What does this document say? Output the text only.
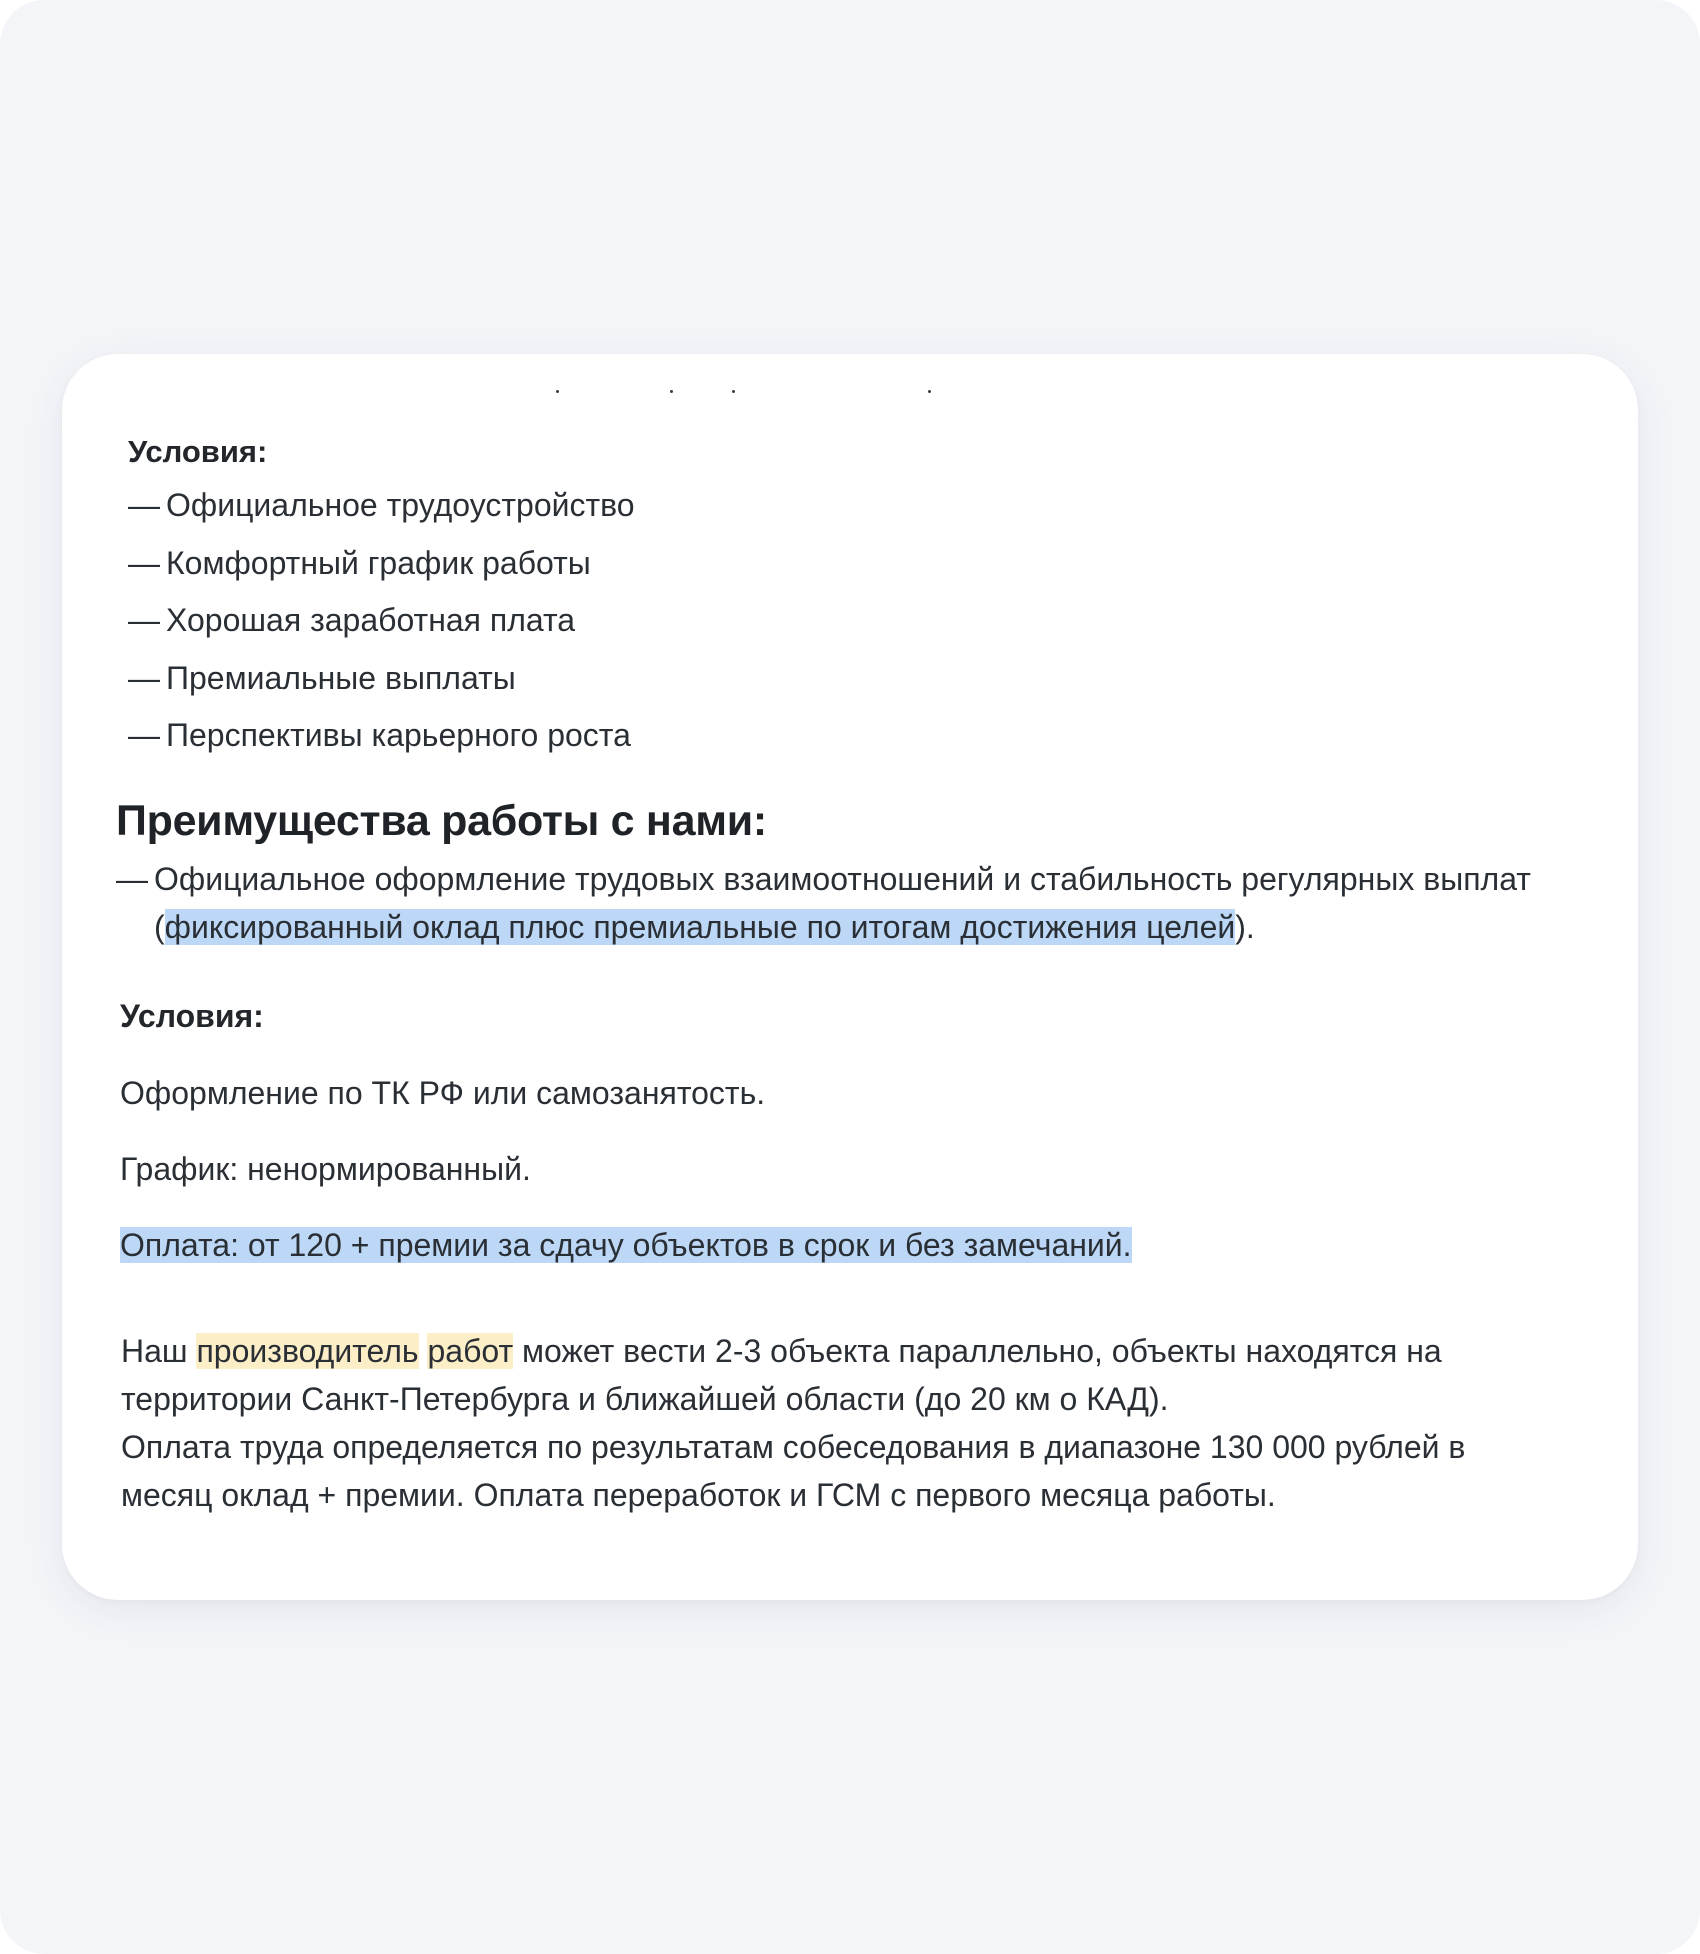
Условия:
— Официальное трудоустройство
— Комфортный график работы
— Хорошая заработная плата
— Премиальные выплаты
— Перспективы карьерного роста
Преимущества работы с нами:
— Официальное оформление трудовых взаимоотношений и стабильность регулярных выплат (фиксированный оклад плюс премиальные по итогам достижения целей).
Условия:
Оформление по ТК РФ или самозанятость.
График: ненормированный.
Оплата: от 120 + премии за сдачу объектов в срок и без замечаний.
Наш производитель работ может вести 2-3 объекта параллельно, объекты находятся на территории Санкт-Петербурга и ближайшей области (до 20 км о КАД).
Оплата труда определяется по результатам собеседования в диапазоне 130 000 рублей в месяц оклад + премии. Оплата переработок и ГСМ с первого месяца работы.
